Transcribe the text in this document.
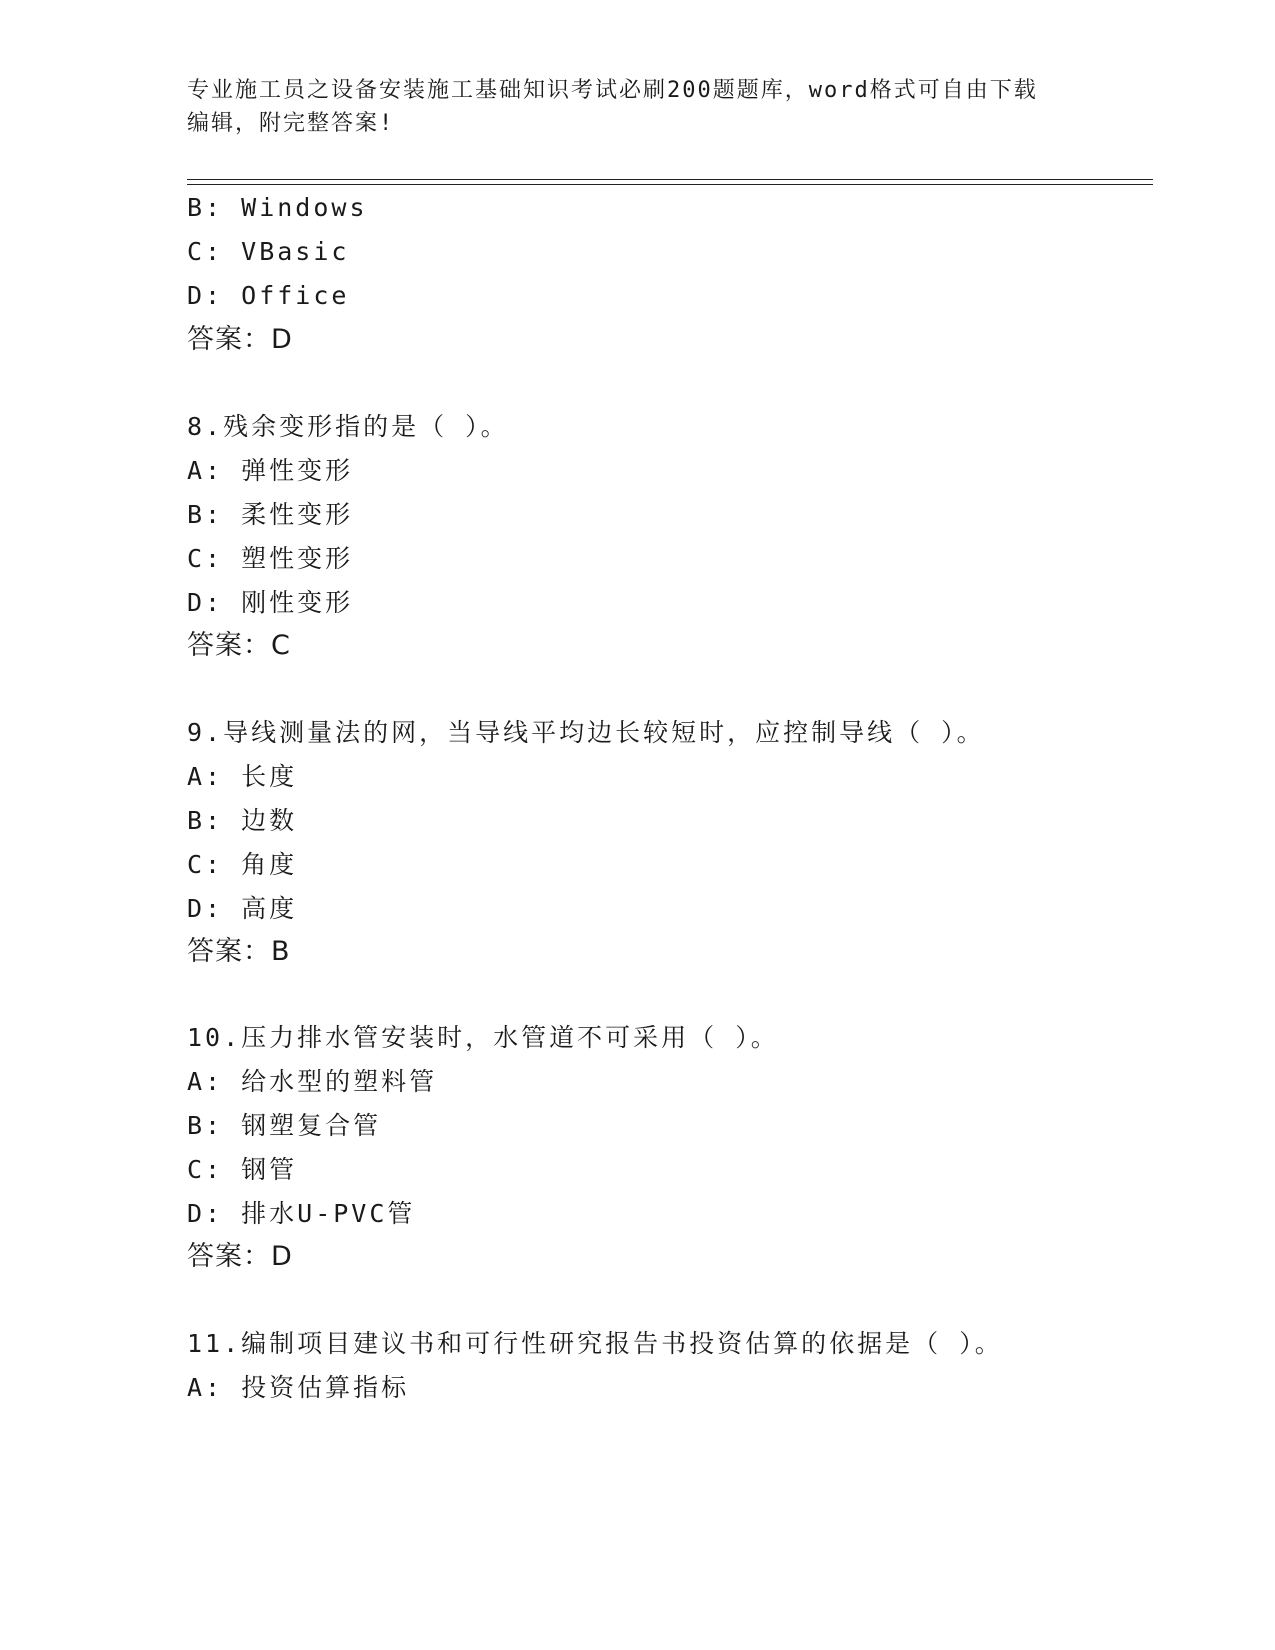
专业施工员之设备安装施工基础知识考试必刷200题题库，word格式可自由下载
编辑，附完整答案!
B: Windows
C: VBasic
D: Office
答案：D
8.残余变形指的是（ ）。
A: 弹性变形
B: 柔性变形
C: 塑性变形
D: 刚性变形
答案：C
9.导线测量法的网，当导线平均边长较短时，应控制导线（ ）。
A: 长度
B: 边数
C: 角度
D: 高度
答案：B
10.压力排水管安装时，水管道不可采用（ ）。
A: 给水型的塑料管
B: 钢塑复合管
C: 钢管
D: 排水U-PVC管
答案：D
11.编制项目建议书和可行性研究报告书投资估算的依据是（ ）。
A: 投资估算指标
